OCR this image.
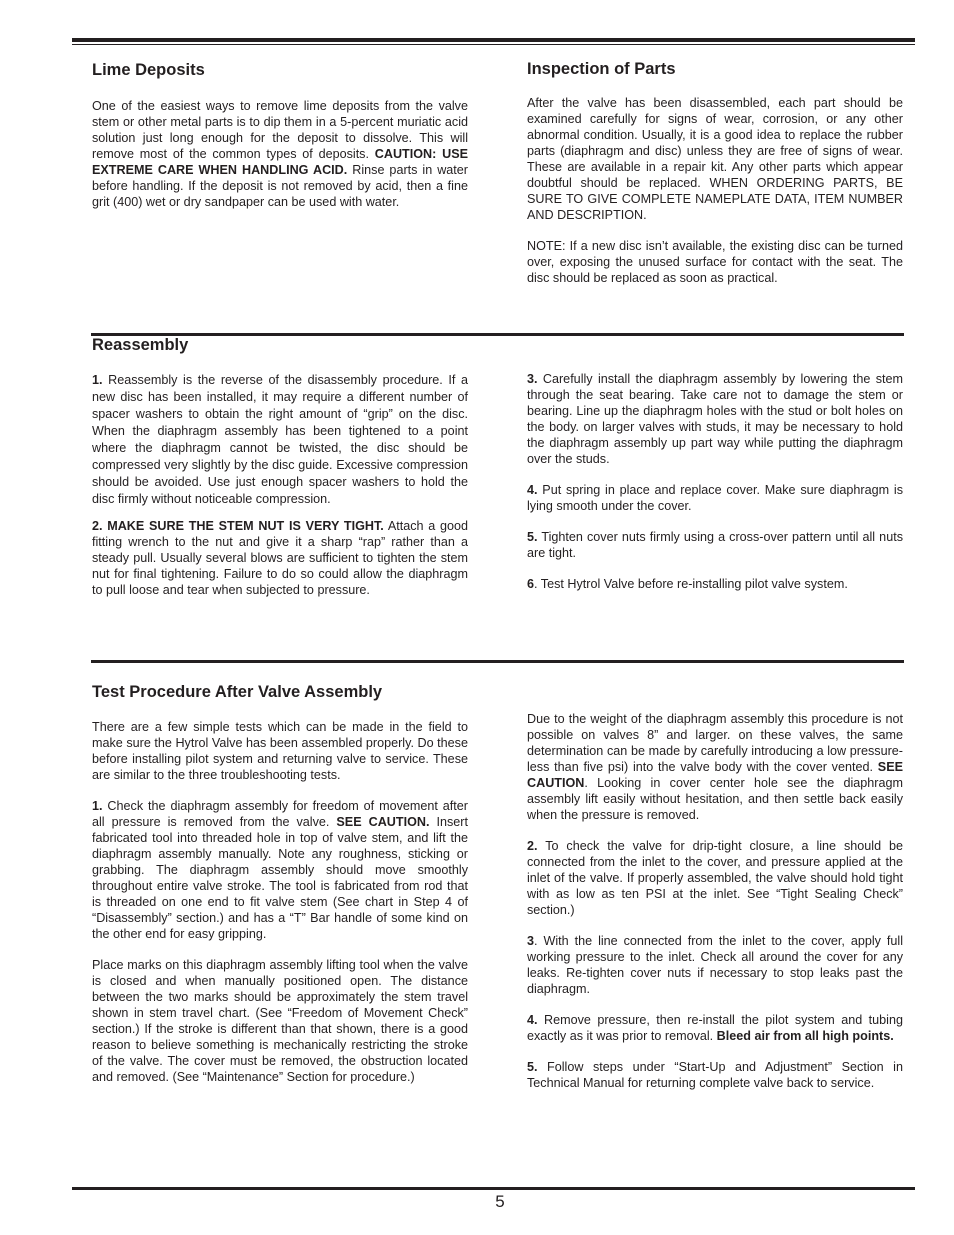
Lime Deposits

One of the easiest ways to remove lime deposits from the valve stem or other metal parts is to dip them in a 5-percent muriatic acid solution just long enough for the deposit to dissolve. This will remove most of the common types of deposits. CAUTION: USE EXTREME CARE WHEN HANDLING ACID. Rinse parts in water before handling. If the deposit is not removed by acid, then a fine grit (400) wet or dry sandpaper can be used with water.

Inspection of Parts

After the valve has been disassembled, each part should be examined carefully for signs of wear, corrosion, or any other abnormal condition. Usually, it is a good idea to replace the rubber parts (diaphragm and disc) unless they are free of signs of wear. These are available in a repair kit. Any other parts which appear doubtful should be replaced. WHEN ORDERING PARTS, BE SURE TO GIVE COMPLETE NAMEPLATE DATA, ITEM NUMBER AND DESCRIPTION.

NOTE: If a new disc isn’t available, the existing disc can be turned over, exposing the unused surface for contact with the seat. The disc should be replaced as soon as practical.

Reassembly

1. Reassembly is the reverse of the disassembly procedure. If a new disc has been installed, it may require a different number of spacer washers to obtain the right amount of “grip” on the disc. When the diaphragm assembly has been tightened to a point where the diaphragm cannot be twisted, the disc should be compressed very slightly by the disc guide. Excessive compression should be avoided. Use just enough spacer washers to hold the disc firmly without noticeable compression.

2. MAKE SURE THE STEM NUT IS VERY TIGHT. Attach a good fitting wrench to the nut and give it a sharp “rap” rather than a steady pull. Usually several blows are sufficient to tighten the stem nut for final tightening. Failure to do so could allow the diaphragm to pull loose and tear when subjected to pressure.

3. Carefully install the diaphragm assembly by lowering the stem through the seat bearing. Take care not to damage the stem or bearing. Line up the diaphragm holes with the stud or bolt holes on the body. on larger valves with studs, it may be necessary to hold the diaphragm assembly up part way while putting the diaphragm over the studs.

4. Put spring in place and replace cover. Make sure diaphragm is lying smooth under the cover.

5. Tighten cover nuts firmly using a cross-over pattern until all nuts are tight.

6. Test Hytrol Valve before re-installing pilot valve system.

Test Procedure After Valve Assembly

There are a few simple tests which can be made in the field to make sure the Hytrol Valve has been assembled properly. Do these before installing pilot system and returning valve to service. These are similar to the three troubleshooting tests.

1. Check the diaphragm assembly for freedom of movement after all pressure is removed from the valve. SEE CAUTION. Insert fabricated tool into threaded hole in top of valve stem, and lift the diaphragm assembly manually. Note any roughness, sticking or grabbing. The diaphragm assembly should move smoothly throughout entire valve stroke. The tool is fabricated from rod that is threaded on one end to fit valve stem (See chart in Step 4 of “Disassembly” section.) and has a “T” Bar handle of some kind on the other end for easy gripping.

Place marks on this diaphragm assembly lifting tool when the valve is closed and when manually positioned open. The distance between the two marks should be approximately the stem travel shown in stem travel chart. (See “Freedom of Movement Check” section.) If the stroke is different than that shown, there is a good reason to believe something is mechanically restricting the stroke of the valve. The cover must be removed, the obstruction located and removed. (See “Maintenance” Section for procedure.)

Due to the weight of the diaphragm assembly this procedure is not possible on valves 8” and larger. on these valves, the same determination can be made by carefully introducing a low pressure-less than five psi) into the valve body with the cover vented. SEE CAUTION. Looking in cover center hole see the diaphragm assembly lift easily without hesitation, and then settle back easily when the pressure is removed.

2. To check the valve for drip-tight closure, a line should be connected from the inlet to the cover, and pressure applied at the inlet of the valve. If properly assembled, the valve should hold tight with as low as ten PSI at the inlet. See “Tight Sealing Check” section.)

3. With the line connected from the inlet to the cover, apply full working pressure to the inlet. Check all around the cover for any leaks. Re-tighten cover nuts if necessary to stop leaks past the diaphragm.

4. Remove pressure, then re-install the pilot system and tubing exactly as it was prior to removal. Bleed air from all high points.

5. Follow steps under “Start-Up and Adjustment” Section in Technical Manual for returning complete valve back to service.

5
